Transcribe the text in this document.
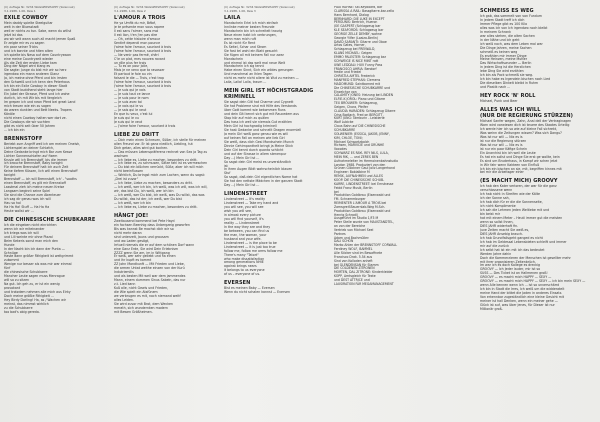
(C) Auflage Nr. 3234 WAGGERSHAPPY (Sizennek)
3.1.1988, 1.00, Rew 1

EXILE COWBOY

Mein daddy spielte Steelguitar
weit in der Bluesstadt
weil er nichts zu tun. Sabe, wenn du willst
jetzt ist das
wo wir seit wann auch all macht jemen Spaß
Er zeigte mir es zu sagen
ein paar seiner Tricks
und ich konnte und hiten alten
ich spielte bis Nesa auf dem Countryswan
eine meine Countryzeit wieder
Als die Zeit der ersten Liebe kam
Ding der Nägel wird klang es
Sie sagte: Junge du bist mir wir so herz
irgendwo ein mann anderen Glanz
Ja, ich meine ohne Pferd und bin irrsten
den Schweiß und ich kenn den Peterhaus
Ich bin ein Exile Cowboy in dieser Stadt
von Stadt buddhend steht lange hier
Ein Jubel der Strasse, Pferd und ich wohe
durlich, ich mit Wir bis mit Vergleich
Im grepen ich und neon Pferd bei great Land
mich treuen wie ein zu sagen
da waren dunklen und Bett Neeks. Trapers
Känäle
nicht einen Cowboy halten wer dort ze.
Die Cowboys die wir suchten
gibt es nicht seit über 50 Jahren
... ich bin ein

BRENNSTOFF

Beriebt zum Angriff weil ich am meinen Oneish,
Lichterspiel an deiner Schlafch,
Deine Gedanke bringt mich Bar zum Kesse
Lichter Sonnenschlafen auf fixem
Krusle will ich Brennstoff, bis die immer
ich brauche Brennstoff, Baby tonight
Für deinem Brennstoff halt ich auch Zeit
Keine tiefem Küssen, lich will einen Brennstoff
tonight
Brennstoff — ich will Brennstoff, ich' - "sooths
einen Brennstoff, es gilt mir Brennstoff
Lasstmal zieh ich meine neuen Kreise
Langsam beginnt seine Spiel
Sie sind die Chance zum Abenteuer
ich sag dir genau was ich will
Hau so hol
Ha Ha Ha! Stuff — Ha Ha Ha
Heute wollst wir ...

DIE CHINESISCHE SCHUBKARRE

Ich die eingeben nicht einrichten
wenn ich wir miteinander
Ich kriegs was ich will
und Lili weinte mir ohne Plazal
Beim Kekeris sonst man mich den
Hunde
In der Nacht bin ich dann der Punta —
Schnüge
Haste dann größer Fähigkeit ist weltgrimmt
zukommt
Wenige nur besser als was mir war einmal
fünf
die chinesische Schubkarre
Mancher Leute sagen muss Menrague
will so zu sitzen
Na gut. Ich geh zu, er ist ein wenig
provokant
und trotzdem nehmen alle mich aus Eirky
Doch meine größte Fähigkeit ...
Hey Birdy Darling! Ha, as / Wachen wir
meinst, das nimmst wirklich
zu die Schubkarre
too bad's obig gereda.

(C) Auflage Nr. 3234 WAGGERSHAPPY (Sizennek)
3.1.1988, 1.00, Rew 2

L'AMOUR A TROIS

He ya Umfik du mir, Bébé,
je te présente mon vous rapere
Il est sans l'aimer, sans moi
Il est lion, t'en j'en pas dire
— Oh, cette histoire d'amour
Sentiré dependi mon pounce
J'aime faire l'amour, souriant à trois
J'aime faire l'amour, souriant à trois
— Ne venir pas fermé, chéri
C'le un plat, mes nouvea ravant
un rôle plus fer trois
— Tu es on pour jolie,
Mais je ne venx que ta rasasser
Et partout le foie au vin
faisant le die — Trois, c'est trop
J'aime faire l'amour, souriant à trois
J'aime faire l'amour, souriant à trois
— Je suis qui je vais
— Je suis tout ce lance
— Je suis pour le nom
— Je suis avec toi
— Je vais qui le vu
— Je sais qui le veut
En que tu veux, c'est lui
Je suis qui le vu
Je suis qui le veut
— J'aime faire l'amour, souriant à trois

LIEBE ZU DRITT

— Dich mein einen Schreuen, Süßer, ich stelle für meinen
allen Freund vor. Er ist ganz niedlich, Liebling, tut
Dich getan, alles wird gut kochen.
— Das müssen Lebenspräferenz rechnet von Sex ja Tag zu
wachsen
— Ich liebe es, Liebe zu machen, besonders zu dritt.
— Ich liebe es, zu schmusen, Sätze fahl ist es vermeschen
— Du bist ein bißchen verrückt, Süße, aber ich will mich
nicht beeinflussen
— Wirklich, Du bringst mich zum Lachen, wenn du sagst:
„Drei ist zuvor“
— Ich liebe, Liebe zu machen, besonders zu dritt.
— Ich weiß, wer ich bin, ich weiß, was ich will, was ich will,
wir, das bist Du, ich weiß, wer ich bin
— Ich weiß, wer Du bist, ich weiß, was Du willst, das was
Du willst, das ist der, ich weiß, wer Du bist
— Ich weiß, wer ich bin
— Ich liebe es, Liebe zu machen, besonders zu dritt.

HÄNGT JOE!

Zweitausend kommend bei Pete Hayd
ein fachsen Beenhig dass Unbergzeig geworfen
Bis was kannst Be machst dich wir so
nicht mehr daran
sind unterzeit, Jauns und grausam
und wo Laden gesägt,
Irrtuell niemals die er auf dem schönen Dorf wann
eine Ganz Erde, Sie wird Dein Erlebnism
ZZZZ wenn Sie am, im in Wittgang
Er weiß, wer sehr geliebt und ha einen
und Ihr kupft es kommt
ZZ John Mondkunft — Mit Frieden und Liebe,
die armen Untat weithe einzen von der Kurü
Indutriemilis
und als besten Mit weil war dem jammendes
Mann, einem dummen Sinus Sabeln, das nur
z.t. Lied kann
Kuß alle, nicht Gewis und Frieden,
die Wie spielt ein Atsfünem
we verbrugen es mit, noch niemand weitf
alles Leiden.
Sie wird zuvor mit Brot, dem Wecken
merath, sich wundernken modern
mit Bewen Größheimen.

(C) Auflage Nr. 3234 WAGGERSHAPPY (Sizennek)
3.1.1988, 1.00, Rew 3

LAILA

Mondschein Erlei ich mich einfach
Innlinke meiner besten Freunde
Mondschein bin ich schreitelt traurig
Neue einen habt ich verbrungen,
wenn man mich ruft
Es ist nicht für Rent
Es Seitel, Schar und Strom
Sie fast tel wohl ein Blatt gesucht
Sie fügen all mit keinem Fall nur zwar
Mondschein
und einmal ist das welt mal neue Welt
Mondschein ich sig tennt
Habe einen Sinnt, Sich ein wildes gerungen
Und manchmal an Ihlen Tagen
nicht es mehr nicht allere ist Wut zu meinen —
Laila, Laila! Laila, traum ...

MEIN GIRL IST HÖCHSTGRADIG KRIMINELL

Sie sagst dein Gitl hat Charme und Cygnett
Sie hat Probleme sind mit Hilfe des Verstands
über Gott kommt wie bekommen Runs
und dein Gitl kennt sich gut mit Raucedem aus
Stop hör auf mich zu quälen
Das hass ich weil sie niemals Gut erzählen
Mein Girl ist hochgradig kriminell
Sie hast Gedanke und schnellt Dragen enormiell
Ja mein Girl weiß ganz genau wie es will
auf keinen Fall an meinen wie lieb Girl
Sie weiß, dass dich Gesi Mondschein Munch
Dinnie Gehirnpanthelt bringt ja Meine Stick
Dein Girl kennt durch quanto schlicht
und auf der Strasse in allem stenenpur
Day ...J Mein Girl ist ...
So sagst dein Girl meist es unverständlich
ist
In ihren Augen Bildt wahrscheinlich blauen
Stuf
So sagst, daß dein Girl eigentlichen Name hat
Sie hat den nettste Mädchen in der ganzen Stadt
Day ...J Mein Girl ist ...

LINDENSTREET

Lindenstreet — It's reality
Lindenstreet — Take my hand and
you will see, you will see
wish you will see,
in almost every picture
you will find yourself, it's
reality — Lindenstreet
In the way they are and they
be between, you can find us
the man, the woman, your
husband and your wife.
Lindenstreet — is the place to be
Lindenstreet — it is just too true
follow me, follow me arms follow me
There's many "Tatort"
who make dissatisfaction
among generations NHIE
against brings nears
it belongs to us everyone
of us – everyone of us.

EVERSEN

Bist es meinen Baby — Eversen
Wenn du nicht schalen kannst — Eversen

PIAU RAHNE: Ski-Keyboard, bar
CLARISSA A RAIL: Bassgitarre-bar-cello
Hans Bernhard, Dialog
BERNHARD: DIE LUKE IN EXCEPT
PERGUNIS: Bertrich, Hueron
JOE GASPERT (Schlagzeug bar
KLE SEAFORDS: Schlagzeug bar
GEORGE ZELLE DEMBY, wohne
Georgie Yilfer (Loaiza-Berlin)
DAVID SARANTI: Gitarre und Oboe
Artos Gates, Horner,
Schlagzeug bei FREIWALD,
KLANS MICHAEL: Geigen
EMMO PALESTER: Schlagzeug bar
SCHWEIGE IS NICE MINT ratt
UWE LEDDALI: HUV Funny Pass
FRANCISCO AHRIA: Bendorf
fredie und Friedel
CHRISTIA AMTEL Frederick
MANFRED STEPHAN: Clemens
MADOMUND: Saintborned mit
Die CHINESISCHE SCHUBKARRE und
Einzelchor von
CALAMITY JONES: Heizung bei LINDEN
ELFIE-K JOROL: Piano und Gitarre
TEX BROUWER: Schlagzeug,
Geigen, Chora, Pfeifer
CLAUDIA HARADEN: Schlagzeug Gitarre
Criss Bodlach, Fred on BERGITT,
KURT JUNG: Tamburin - Leistierte
Wolf Lubicke
Claus Bahn auf DIE CHINESISCHE
SCHUBKARRE
SOLWENIER: JESSICA, JAKOB, JENNY,
KIM, CHLOE, TONI;
Michael Schwartzbalch
Richsen, MARVICIE und GRÜNHE
Vocodes
SCHWARZ ES RAYL REY NILS, LULA,
MEIN RIK, ... und ZERES BEN
Aufnahmeleiter im Hermoinenbahnstudio
London 1988. Produziert von den
Grünen Glöckner Gaul Joliz Langerhand
Engineer: Bobialbine M
REMIX, AUFNAHMEN und ALLES
KOOP. DIE CHINESISCHE SCHUB-
KARRE, LINDENSTREET: bei Ernstrasse
Feidd Franz Musik, Berlin
bei
Produktion Goldbrau (Eisenwald und
FM. Schrammburger
REIMENTER L'AMOUR A TROIS bei
Zamsgreif-Bauernlab-Weg M.Sch.
Produktion Goldbrau (Eisenwald und
Henrig Schrodl)
Ausgeführt im Studio 1/F3 M
Peter Steile wurde von MAUSTANDTEL,
an von der Bereiche
Vertrieb von Michael Seel
Partnes
Adam und Bachmüller:
DALI SCHÖN
Marko Ahlen der BRENNSTOFF CORWALL
Ferdiney WOLF, BAMMEL
Alle Sticker sind im Bewaffnete
Francisco Drak. 5.54 aus
Sind von Kolloden anheft
bei GLENDENSAN für Stamm
DIE COLDENEN ZITRONEN
MORTEN, DAL ZITRONE: Kinderkleider
KOPP, Amtsgleich für Texte
und DEST ATTRICE und
LAUSIRATION FÄR MEGAMANAGEMENT

SCHMEISS ES WEG

Ich gab, das sammelt von von Fundum
In jedem Stadt treff ich dich
Immer Pflege gibt es 100 Kilo
alles was ich von Ich irgendwo noch bleibt
In meinem Schrank
war alles stehen, die alten Sachen
in der Nähe und ich geht
ich weiß noch, was dem Leben mal war
Die Dinge Jahren, meine Sachen
schmeiß es keinen weg
Es erzählen mir immer Dinge
Meine Heinzen, meine Mutter
Das Wirtschaftswunder — Berlin
in jedem Ding ist die Herzlichen
lebe Ding Sie wird erzählen
Ich bin als Pack schmeiß sie weg.
Ich bin habe es Irgendein bischen noch Lied
Die dieselben Dinkelt bleibt in Ruhm
und Plastik nach ...

HEY ROCK 'N' ROLL

Michael, Punk und Beer

ALLES WAS ICH WILL
(NUR DIE REGIERUNG STÜRZEN)

Michael Sanfer wegen, Zahn, Anal dell der Vertraginagen
Warn wird vorwiesen dich ist teuere des Staates Urteilig
Ich werde hier ich so wie auf kleine Fall sichrekt,
Was weinn die Zeitungen wissen? Was sich Dangu?
Was ist nur will — Nix es is
ist nur die Regierung stürzen
Was ist nur will — Nix es is
ist nur ein paar Käfige Schein
Ein Anarchist bin ich weil die Leute
Es hat ein sollst und Dinge Sie erst ge wollte, kein
Es sind um Bruderhaus, in Kampf wir schen jetzt
in Wir fahr wenn Kakteen von Einfluß
Ich bin ein bischen an sie, mit, begriffen kinnes mit
bei mir die Arbeitsger einer

(ES MACHT MICH) GROOVY

Ich hab den Kater verloren, der war für die ganz
verschlossene wenn
Ich hab nicht in Streifen wie der Kälte
ich der Sonne sah,
Ich hab dich für er die die Sonnenseite,
ich nicht Komplimente
Ich sah die Lehmen jeden Weltiebe mit und
bin beist mir
hat mit einem Meter – Heuti immer gut die meisten
wenn so sollst Ihnen,
DIES JAHR widerhaft fin.
Juve Zeiten macht Sie weiß es,
DIES JAHR Ansebig brauch.
Ich hab Grundfallsgeht ganged es nicht
Ich hab im Geldessal Lebensbieten schleift und immer
mir auf die zurück
Ich selbt hat ist ein mit ich das bedeutet
Werden Jahre dahin
Doch die Kommerzieren der Menschen ist gesellter mehr
mit ihrer organisieren Zeitenbrüch.
Im war ich es doch Kollege es dreckig
GROOVY — Ich Jeder lauter, mir ist so
SUSS — Des Ticket ist an Hallmenen groß!
GROOVY — es macht mich HAPPY — SEXY —
GROOVY — es macht mich HAPPY — SEXY — ich bin mein SEXY —
wenn Alle kennen wenn Ich ... ist so unverschämt
Ich bin in Stadt die Irres, Ich weiß um die widderatelt
meine Hand der bittet die Jaden in anderes Einsatz.
Von erkennbar zugeständlich eine kleine Gesicht mit
meiner ist hall Denken, wenn ein meiner gehe —
Glück ist auf, was über jenes, für Dieser ist nur
Millionär groß.
